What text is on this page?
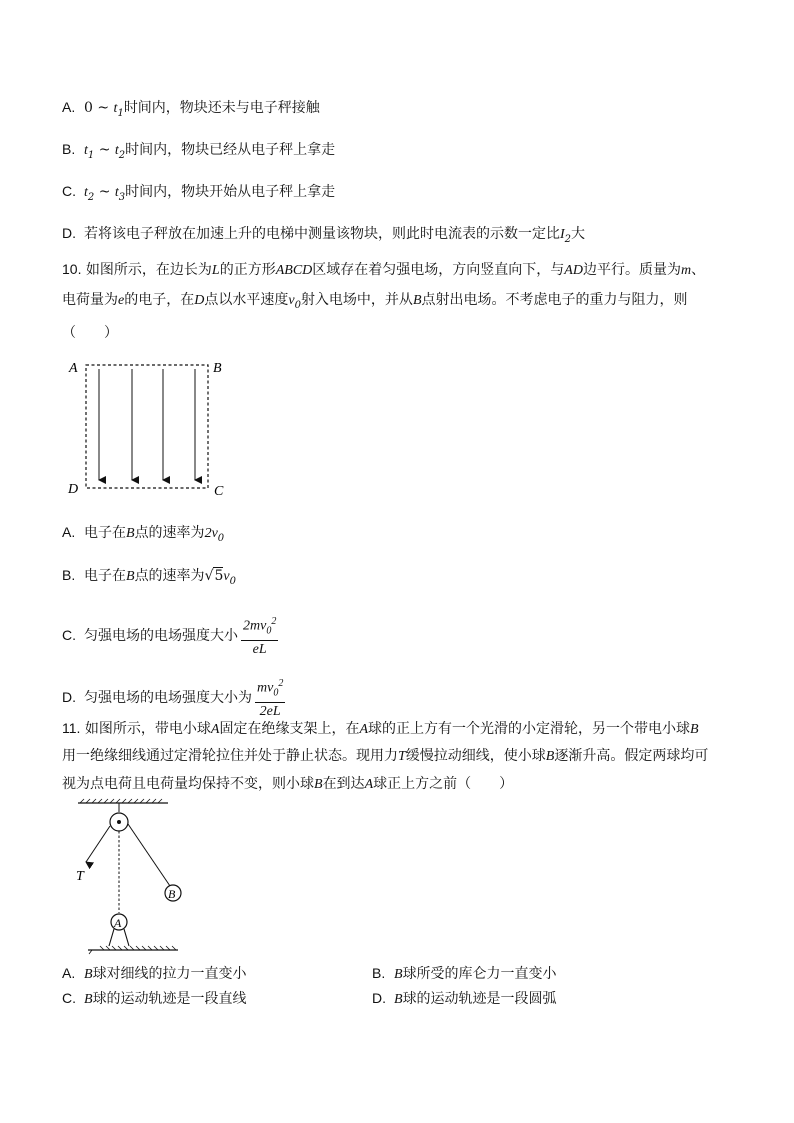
A. 0 ~ $t_1$时间内，物块还未与电子秤接触
B. $t_1$ ~ $t_2$时间内，物块已经从电子秤上拿走
C. $t_2$ ~ $t_3$时间内，物块开始从电子秤上拿走
D. 若将该电子秤放在加速上升的电梯中测量该物块，则此时电流表的示数一定比$I_2$大
10. 如图所示，在边长为L的正方形ABCD区域存在着匀强电场，方向竖直向下，与AD边平行。质量为m、
电荷量为e的电子，在D点以水平速度$v_0$射入电场中，并从B点射出电场。不考虑电子的重力与阻力，则
（　　）
A	B
D	C
A. 电子在B点的速率为$2v_0$
B. 电子在B点的速率为$√5v_0$
C. 匀强电场的电场强度大小 $\frac{2mv_0^2}{eL}$
D. 匀强电场的电场强度大小为 $\frac{mv_0^2}{2eL}$
11. 如图所示，带电小球A固定在绝缘支架上，在A球的正上方有一个光滑的小定滑轮，另一个带电小球B
用一绝缘细线通过定滑轮拉住并处于静止状态。现用力T缓慢拉动细线，使小球B逐渐升高。假定两球均可
视为点电荷且电荷量均保持不变，则小球B在到达A球正上方之前（　　）
T
B
A
A. B球对细线的拉力一直变小	B. B球所受的库仑力一直变小
C. B球的运动轨迹是一段直线	D. B球的运动轨迹是一段圆弧
